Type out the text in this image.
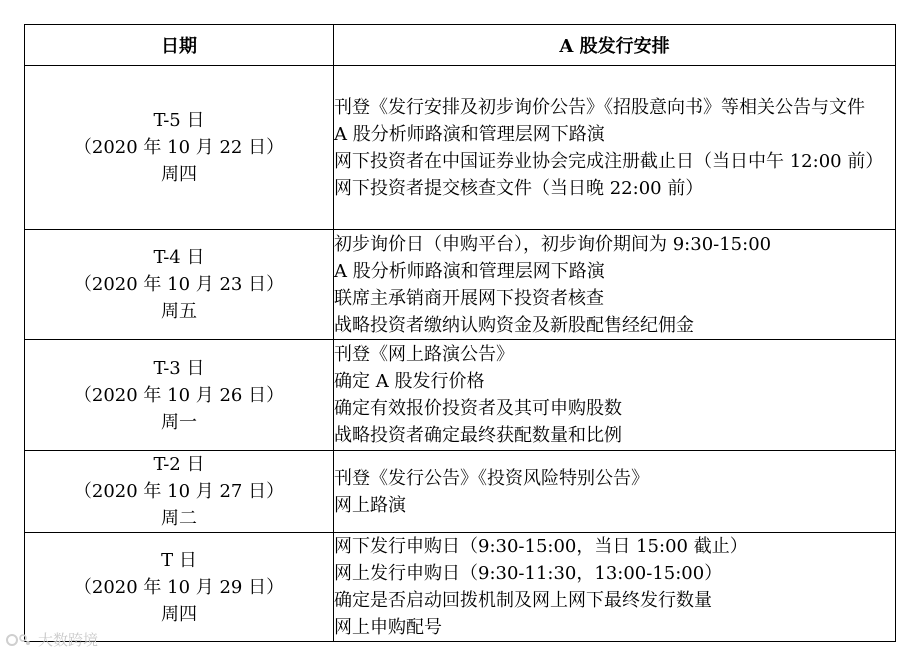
日期	A 股发行安排

T-5 日
（2020 年 10 月 22 日）
周四	刊登《发行安排及初步询价公告》《招股意向书》等相关公告与文件
A 股分析师路演和管理层网下路演
网下投资者在中国证券业协会完成注册截止日（当日中午 12:00 前）
网下投资者提交核查文件（当日晚 22:00 前）

T-4 日
（2020 年 10 月 23 日）
周五	初步询价日（申购平台），初步询价期间为 9:30-15:00
A 股分析师路演和管理层网下路演
联席主承销商开展网下投资者核查
战略投资者缴纳认购资金及新股配售经纪佣金

T-3 日
（2020 年 10 月 26 日）
周一	刊登《网上路演公告》
确定 A 股发行价格
确定有效报价投资者及其可申购股数
战略投资者确定最终获配数量和比例

T-2 日
（2020 年 10 月 27 日）
周二	刊登《发行公告》《投资风险特别公告》
网上路演

T 日
（2020 年 10 月 29 日）
周四	网下发行申购日（9:30-15:00，当日 15:00 截止）
网上发行申购日（9:30-11:30，13:00-15:00）
确定是否启动回拨机制及网上网下最终发行数量
网上申购配号
大数跨境
